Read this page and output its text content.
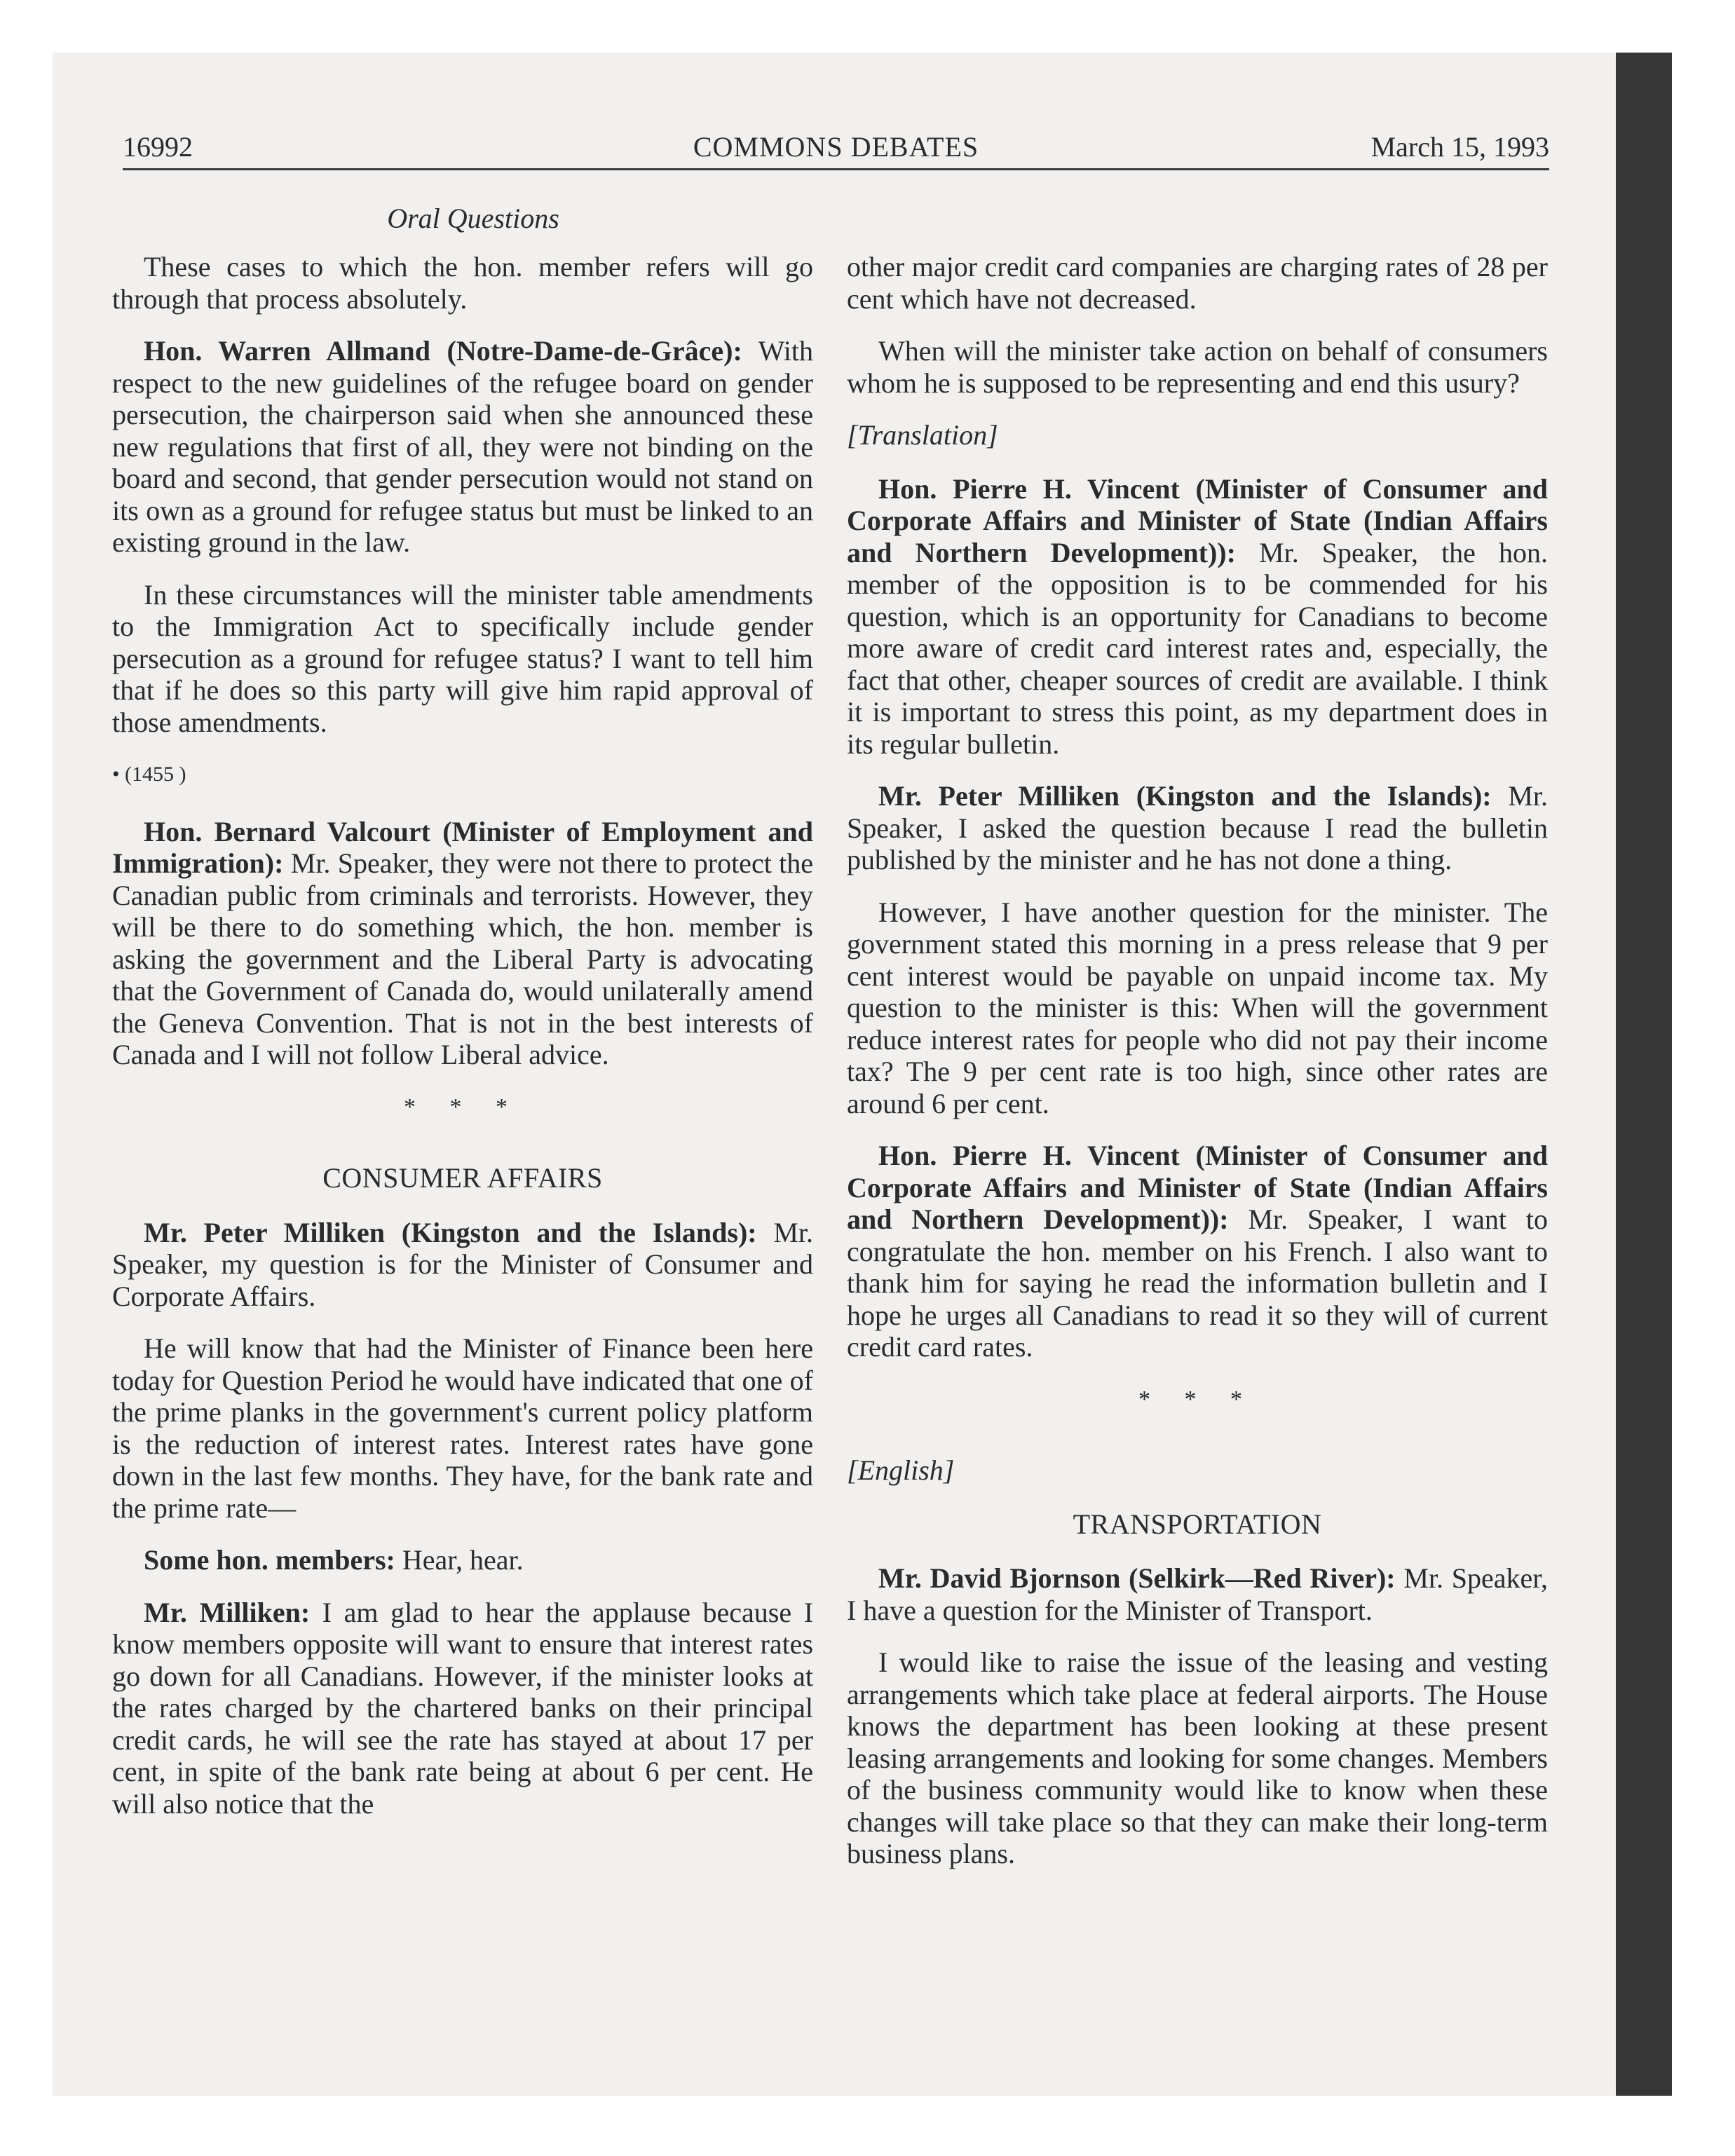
16992	COMMONS DEBATES	March 15, 1993
Oral Questions

These cases to which the hon. member refers will go through that process absolutely.

Hon. Warren Allmand (Notre-Dame-de-Grâce): With respect to the new guidelines of the refugee board on gender persecution, the chairperson said when she announced these new regulations that first of all, they were not binding on the board and second, that gender persecution would not stand on its own as a ground for refugee status but must be linked to an existing ground in the law.

In these circumstances will the minister table amendments to the Immigration Act to specifically include gender persecution as a ground for refugee status? I want to tell him that if he does so this party will give him rapid approval of those amendments.

• (1455 )

Hon. Bernard Valcourt (Minister of Employment and Immigration): Mr. Speaker, they were not there to protect the Canadian public from criminals and terrorists. However, they will be there to do something which, the hon. member is asking the government and the Liberal Party is advocating that the Government of Canada do, would unilaterally amend the Geneva Convention. That is not in the best interests of Canada and I will not follow Liberal advice.

* * *
CONSUMER AFFAIRS

Mr. Peter Milliken (Kingston and the Islands): Mr. Speaker, my question is for the Minister of Consumer and Corporate Affairs.

He will know that had the Minister of Finance been here today for Question Period he would have indicated that one of the prime planks in the government's current policy platform is the reduction of interest rates. Interest rates have gone down in the last few months. They have, for the bank rate and the prime rate—

Some hon. members: Hear, hear.

Mr. Milliken: I am glad to hear the applause because I know members opposite will want to ensure that interest rates go down for all Canadians. However, if the minister looks at the rates charged by the chartered banks on their principal credit cards, he will see the rate has stayed at about 17 per cent, in spite of the bank rate being at about 6 per cent. He will also notice that the

other major credit card companies are charging rates of 28 per cent which have not decreased.

When will the minister take action on behalf of consumers whom he is supposed to be representing and end this usury?

[Translation]

Hon. Pierre H. Vincent (Minister of Consumer and Corporate Affairs and Minister of State (Indian Affairs and Northern Development)): Mr. Speaker, the hon. member of the opposition is to be commended for his question, which is an opportunity for Canadians to become more aware of credit card interest rates and, especially, the fact that other, cheaper sources of credit are available. I think it is important to stress this point, as my department does in its regular bulletin.

Mr. Peter Milliken (Kingston and the Islands): Mr. Speaker, I asked the question because I read the bulletin published by the minister and he has not done a thing.

However, I have another question for the minister. The government stated this morning in a press release that 9 per cent interest would be payable on unpaid income tax. My question to the minister is this: When will the government reduce interest rates for people who did not pay their income tax? The 9 per cent rate is too high, since other rates are around 6 per cent.

Hon. Pierre H. Vincent (Minister of Consumer and Corporate Affairs and Minister of State (Indian Affairs and Northern Development)): Mr. Speaker, I want to congratulate the hon. member on his French. I also want to thank him for saying he read the information bulletin and I hope he urges all Canadians to read it so they will of current credit card rates.

* * *
[English]
TRANSPORTATION

Mr. David Bjornson (Selkirk—Red River): Mr. Speaker, I have a question for the Minister of Transport.

I would like to raise the issue of the leasing and vesting arrangements which take place at federal airports. The House knows the department has been looking at these present leasing arrangements and looking for some changes. Members of the business community would like to know when these changes will take place so that they can make their long-term business plans.
